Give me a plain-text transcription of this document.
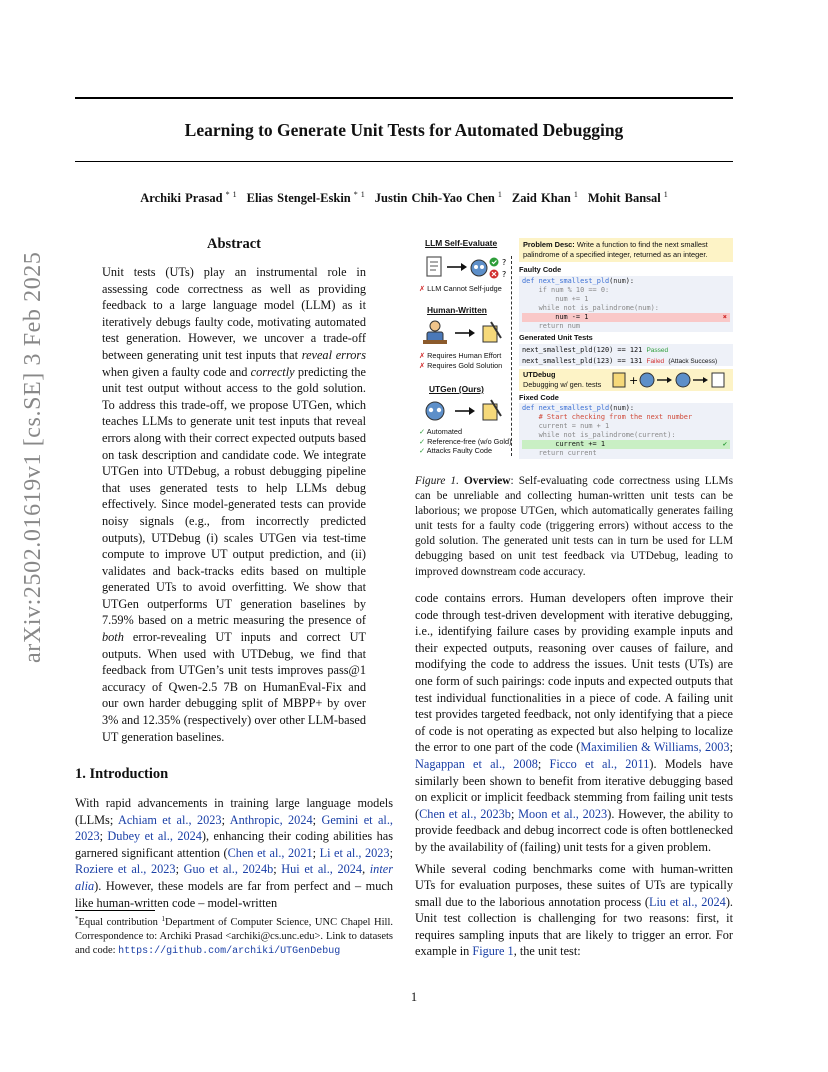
Learning to Generate Unit Tests for Automated Debugging
Archiki Prasad $^{* 1}$ Elias Stengel-Eskin $^{* 1}$ Justin Chih-Yao Chen $^1$ Zaid Khan $^1$ Mohit Bansal $^1$
arXiv:2502.01619v1 [cs.SE] 3 Feb 2025
Abstract
Unit tests (UTs) play an instrumental role in assessing code correctness as well as providing feedback to a large language model (LLM) as it iteratively debugs faulty code, motivating automated test generation. However, we uncover a trade-off between generating unit test inputs that reveal errors when given a faulty code and correctly predicting the unit test output without access to the gold solution. To address this trade-off, we propose UTGen, which teaches LLMs to generate unit test inputs that reveal errors along with their correct expected outputs based on task description and candidate code. We integrate UTGen into UTDebug, a robust debugging pipeline that uses generated tests to help LLMs debug effectively. Since model-generated tests can provide noisy signals (e.g., from incorrectly predicted outputs), UTDebug (i) scales UTGen via test-time compute to improve UT output prediction, and (ii) validates and back-tracks edits based on multiple generated UTs to avoid overfitting. We show that UTGen outperforms UT generation baselines by 7.59% based on a metric measuring the presence of both error-revealing UT inputs and correct UT outputs. When used with UTDebug, we find that feedback from UTGen’s unit tests improves pass@1 accuracy of Qwen-2.5 7B on HumanEval-Fix and our own harder debugging split of MBPP+ by over 3% and 12.35% (respectively) over other LLM-based UT generation baselines.
1. Introduction
With rapid advancements in training large language models (LLMs; Achiam et al., 2023; Anthropic, 2024; Gemini et al., 2023; Dubey et al., 2024), enhancing their coding abilities has garnered significant attention (Chen et al., 2021; Li et al., 2023; Roziere et al., 2023; Guo et al., 2024b; Hui et al., 2024, inter alia). However, these models are far from perfect and – much like human-written code – model-written
*Equal contribution $^1$Department of Computer Science, UNC Chapel Hill. Correspondence to: Archiki Prasad <archiki@cs.unc.edu>. Link to datasets and code: https://github.com/archiki/UTGenDebug
LLM Self-Evaluate
?
?
✗ LLM Cannot Self-judge
Human-Written
✗ Requires Human Effort
✗ Requires Gold Solution
UTGen (Ours)
✓ Automated
✓ Reference-free (w/o Gold)
✓ Attacks Faulty Code
Problem Desc: Write a function to find the next smallest palindrome of a specified integer, returned as an integer.
Faulty Code
def next_smallest_pld(num):
if num % 10 == 0:
num += 1
while not is_palindrome(num):
num -= 1	✖
return num
Generated Unit Tests
next_smallest_pld(120) == 121 Passed
next_smallest_pld(123) == 131 Failed (Attack Success)
UTDebug
Debugging w/ gen. tests	+
Fixed Code
def next_smallest_pld(num):
# Start checking from the next number
current = num + 1
while not is_palindrome(current):
current += 1	✔
return current
Figure 1. Overview: Self-evaluating code correctness using LLMs can be unreliable and collecting human-written unit tests can be laborious; we propose UTGen, which automatically generates failing unit tests for a faulty code (triggering errors) without access to the gold solution. The generated unit tests can in turn be used for LLM debugging based on unit test feedback via UTDebug, leading to improved downstream code accuracy.

code contains errors. Human developers often improve their code through test-driven development with iterative debugging, i.e., identifying failure cases by providing example inputs and their expected outputs, reasoning over causes of failure, and modifying the code to address the issues. Unit tests (UTs) are one form of such pairings: code inputs and expected outputs that test individual functionalities in a piece of code. A failing unit test provides targeted feedback, not only identifying that a piece of code is not operating as expected but also helping to localize the error to one part of the code (Maximilien & Williams, 2003; Nagappan et al., 2008; Ficco et al., 2011). Models have similarly been shown to benefit from iterative debugging based on explicit or implicit feedback stemming from failing unit tests (Chen et al., 2023b; Moon et al., 2023). However, the ability to provide feedback and debug incorrect code is often bottlenecked by the availability of (failing) unit tests for a given problem.

While several coding benchmarks come with human-written UTs for evaluation purposes, these suites of UTs are typically small due to the laborious annotation process (Liu et al., 2024). Unit test collection is challenging for two reasons: first, it requires sampling inputs that are likely to trigger an error. For example in Figure 1, the unit test:

1
